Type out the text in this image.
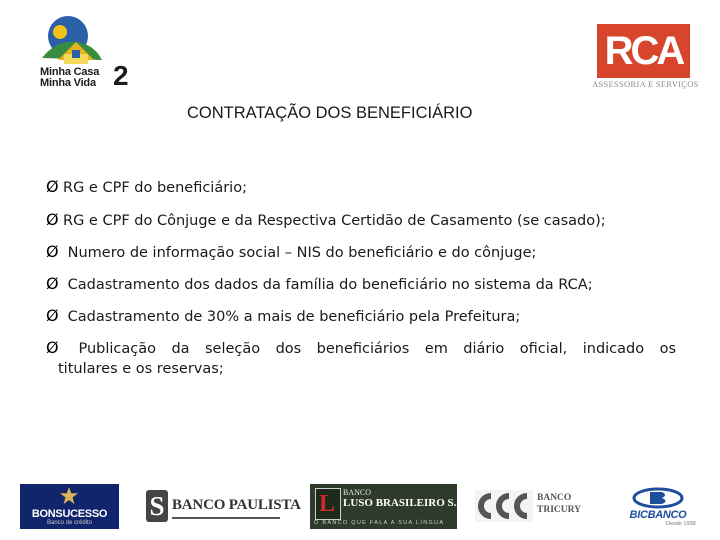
Minha Casa
Minha Vida 2
RCA
ASSESSORIA E SERVIÇOS
CONTRATAÇÃO DOS BENEFICIÁRIO
Ø RG e CPF do beneficiário;
Ø RG e CPF do Cônjuge e da Respectiva Certidão de Casamento (se casado);
Ø Numero de informação social – NIS do beneficiário e do cônjuge;
Ø Cadastramento dos dados da família do beneficiário no sistema da RCA;
Ø Cadastramento de 30% a mais de beneficiário pela Prefeitura;
Ø Publicação da seleção dos beneficiários em diário oficial, indicado os
titulares e os reservas;
BONSUCESSO
Banco de crédito
S BANCO PAULISTA L BANCO
LUSO BRASILEIRO S.A.
O BANCO QUE FALA A SUA LÍNGUA
BANCO
TRICURY	BICBANCO
Desde 1938
